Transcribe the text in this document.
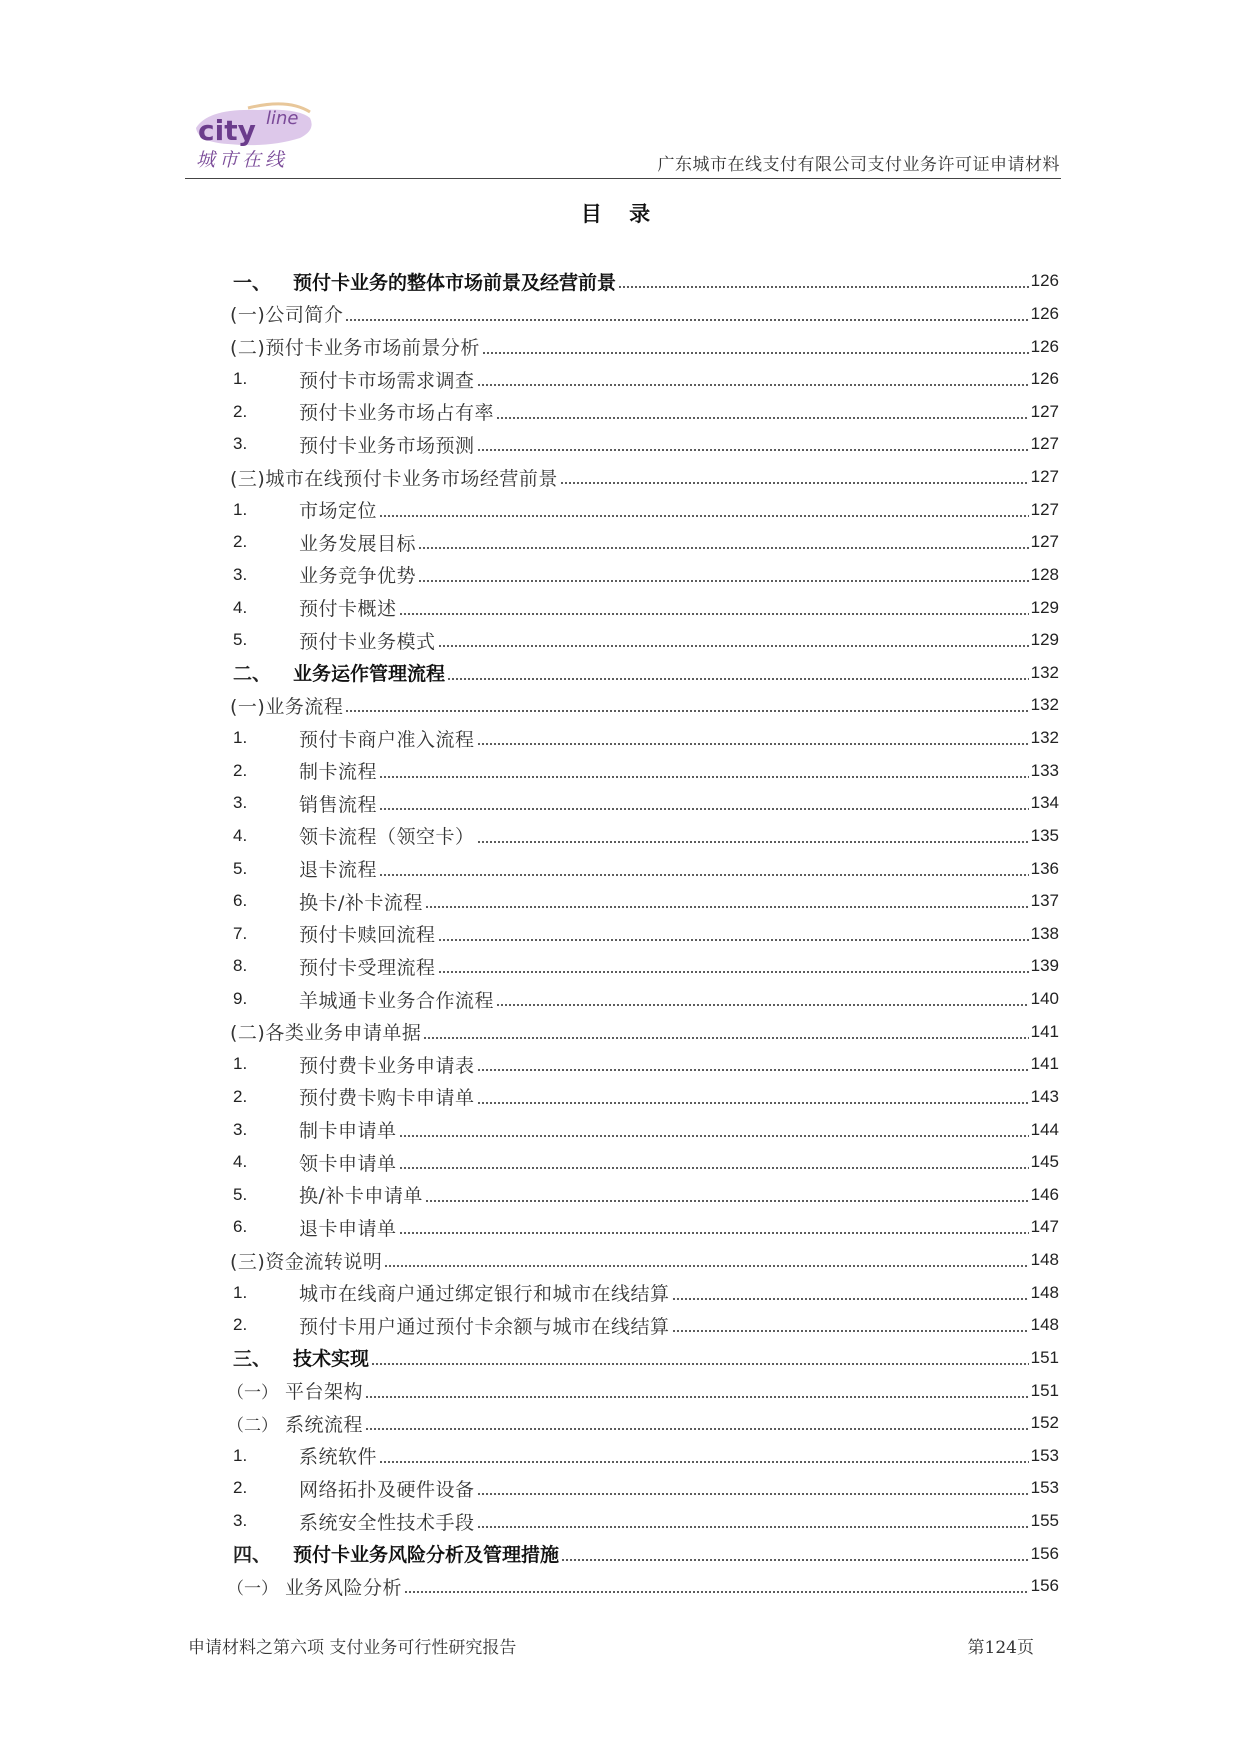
city line
城市在线	广东城市在线支付有限公司支付业务许可证申请材料
目 录
一、	预付卡业务的整体市场前景及经营前景	126
(一)公司简介	126
(二)预付卡业务市场前景分析	126
1.	预付卡市场需求调查	126
2.	预付卡业务市场占有率	127
3.	预付卡业务市场预测	127
(三)城市在线预付卡业务市场经营前景	127
1.	市场定位	127
2.	业务发展目标	127
3.	业务竞争优势	128
4.	预付卡概述	129
5.	预付卡业务模式	129
二、	业务运作管理流程	132
(一)业务流程	132
1.	预付卡商户准入流程	132
2.	制卡流程	133
3.	销售流程	134
4.	领卡流程（领空卡）	135
5.	退卡流程	136
6.	换卡/补卡流程	137
7.	预付卡赎回流程	138
8.	预付卡受理流程	139
9.	羊城通卡业务合作流程	140
(二)各类业务申请单据	141
1.	预付费卡业务申请表	141
2.	预付费卡购卡申请单	143
3.	制卡申请单	144
4.	领卡申请单	145
5.	换/补卡申请单	146
6.	退卡申请单	147
(三)资金流转说明	148
1.	城市在线商户通过绑定银行和城市在线结算	148
2.	预付卡用户通过预付卡余额与城市在线结算	148
三、	技术实现	151
（一） 平台架构	151
（二） 系统流程	152
1.	系统软件	153
2.	网络拓扑及硬件设备	153
3.	系统安全性技术手段	155
四、	预付卡业务风险分析及管理措施	156
（一） 业务风险分析	156
申请材料之第六项 支付业务可行性研究报告	第124页
